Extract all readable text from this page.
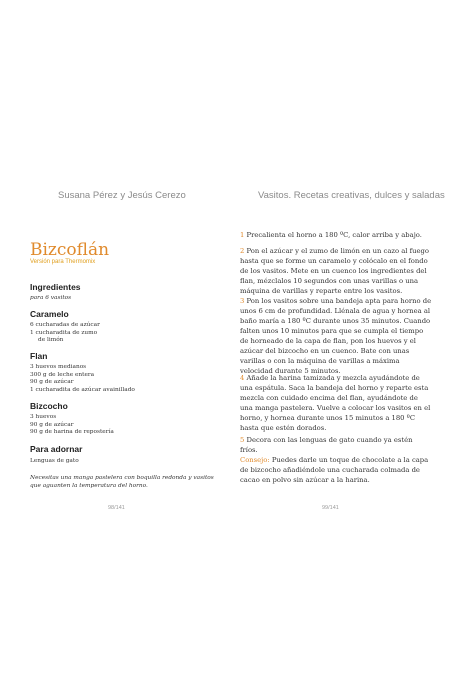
Susana Pérez y Jesús Cerezo	Vasitos. Recetas creativas, dulces y saladas
Bizcoflán
Versión para Thermomix
Ingredientes
para 6 vasitos
Caramelo
6 cucharadas de azúcar
1 cucharadita de zumo
de limón
Flan
3 huevos medianos
300 g de leche entera
90 g de azúcar
1 cucharadita de azúcar avainillado
Bizcocho
3 huevos
90 g de azúcar
90 g de harina de repostería
Para adornar
Lenguas de gato
Necesitas una manga pastelera con boquilla redonda y vasitos que aguanten la temperatura del horno.
98/141	99/141
1 Precalienta el horno a 180 ºC, calor arriba y abajo.
2 Pon el azúcar y el zumo de limón en un cazo al fuego hasta que se forme un caramelo y colócalo en el fondo de los vasitos. Mete en un cuenco los ingredientes del flan, mézclalos 10 segundos con unas varillas o una máquina de varillas y reparte entre los vasitos.
3 Pon los vasitos sobre una bandeja apta para horno de unos 6 cm de profundidad. Llénala de agua y hornea al baño maría a 180 ºC durante unos 35 minutos. Cuando falten unos 10 minutos para que se cumpla el tiempo de horneado de la capa de flan, pon los huevos y el azúcar del bizcocho en un cuenco. Bate con unas varillas o con la máquina de varillas a máxima velocidad durante 5 minutos.
4 Añade la harina tamizada y mezcla ayudándote de una espátula. Saca la bandeja del horno y reparte esta mezcla con cuidado encima del flan, ayudándote de una manga pastelera. Vuelve a colocar los vasitos en el horno, y hornea durante unos 15 minutos a 180 ºC hasta que estén dorados.
5 Decora con las lenguas de gato cuando ya estén fríos.
Consejo: Puedes darle un toque de chocolate a la capa de bizcocho añadiéndole una cucharada colmada de cacao en polvo sin azúcar a la harina.
